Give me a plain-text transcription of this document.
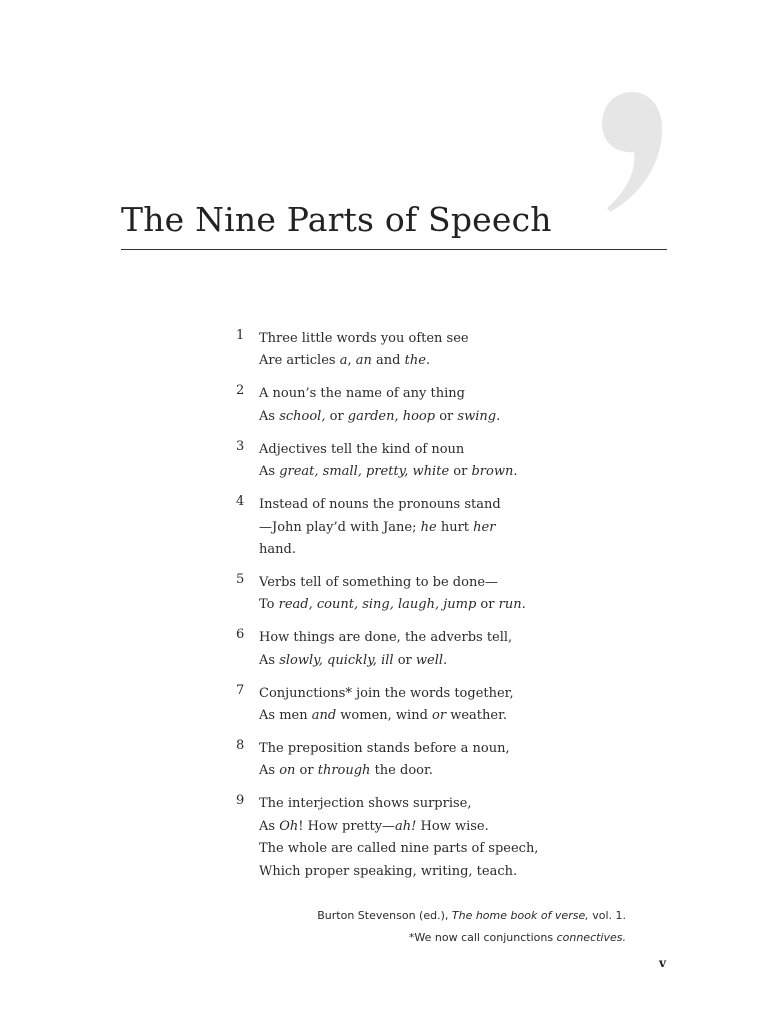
The Nine Parts of Speech
1 Three little words you often see
Are articles a, an and the.
2 A noun’s the name of any thing
As school, or garden, hoop or swing.
3 Adjectives tell the kind of noun
As great, small, pretty, white or brown.
4 Instead of nouns the pronouns stand
—John play’d with Jane; he hurt her
hand.
5 Verbs tell of something to be done—
To read, count, sing, laugh, jump or run.
6 How things are done, the adverbs tell,
As slowly, quickly, ill or well.
7 Conjunctions* join the words together,
As men and women, wind or weather.
8 The preposition stands before a noun,
As on or through the door.
9 The interjection shows surprise,
As Oh! How pretty—ah! How wise.
The whole are called nine parts of speech,
Which proper speaking, writing, teach.
Burton Stevenson (ed.), The home book of verse, vol. 1.
*We now call conjunctions connectives.
v
